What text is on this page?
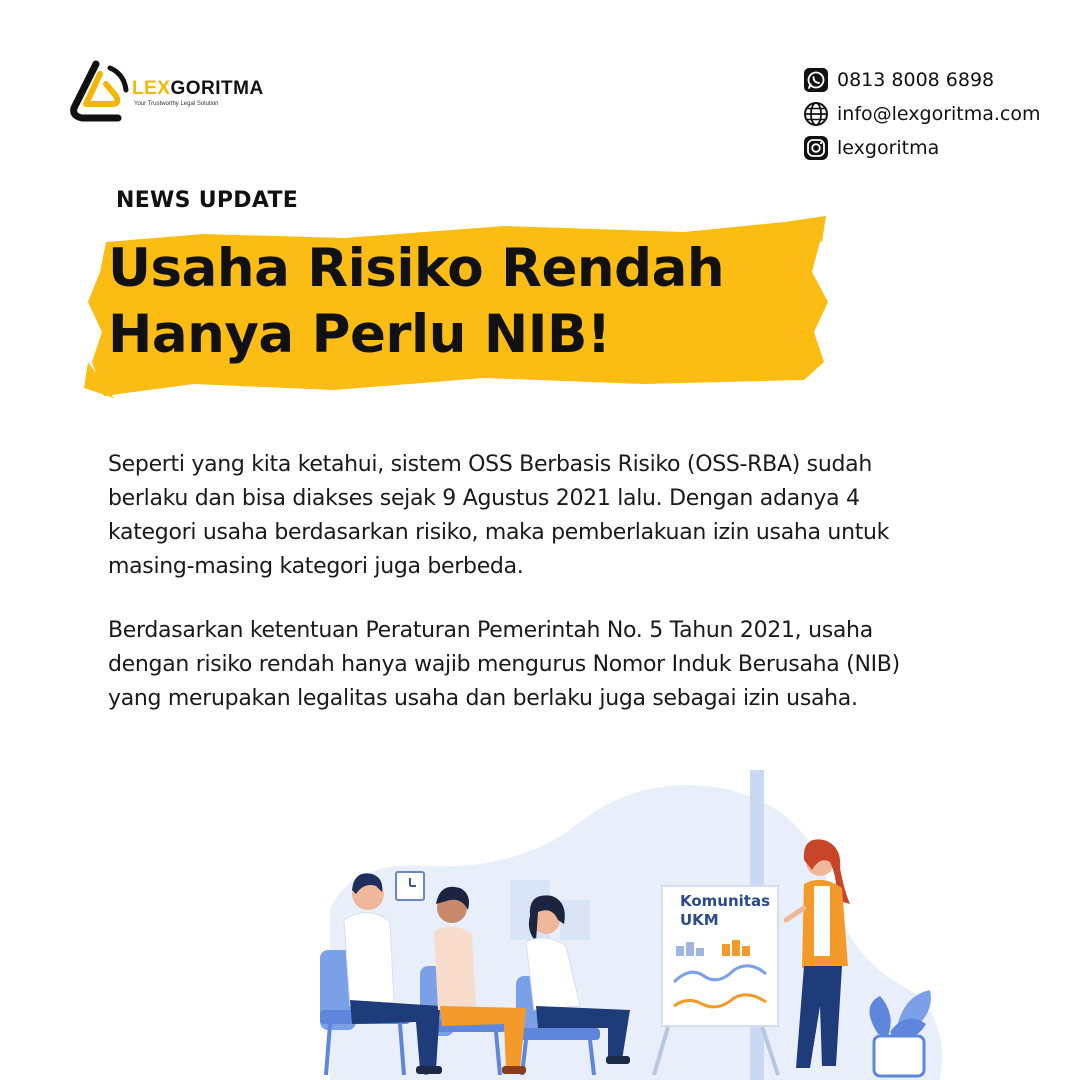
LEXGORITMA
Your Trustworthy Legal Solution
0813 8008 6898
info@lexgoritma.com
lexgoritma
NEWS UPDATE
Usaha Risiko Rendah
Hanya Perlu NIB!

Seperti yang kita ketahui, sistem OSS Berbasis Risiko (OSS-RBA) sudah berlaku dan bisa diakses sejak 9 Agustus 2021 lalu. Dengan adanya 4 kategori usaha berdasarkan risiko, maka pemberlakuan izin usaha untuk masing-masing kategori juga berbeda.

Berdasarkan ketentuan Peraturan Pemerintah No. 5 Tahun 2021, usaha dengan risiko rendah hanya wajib mengurus Nomor Induk Berusaha (NIB) yang merupakan legalitas usaha dan berlaku juga sebagai izin usaha.

Komunitas
UKM
